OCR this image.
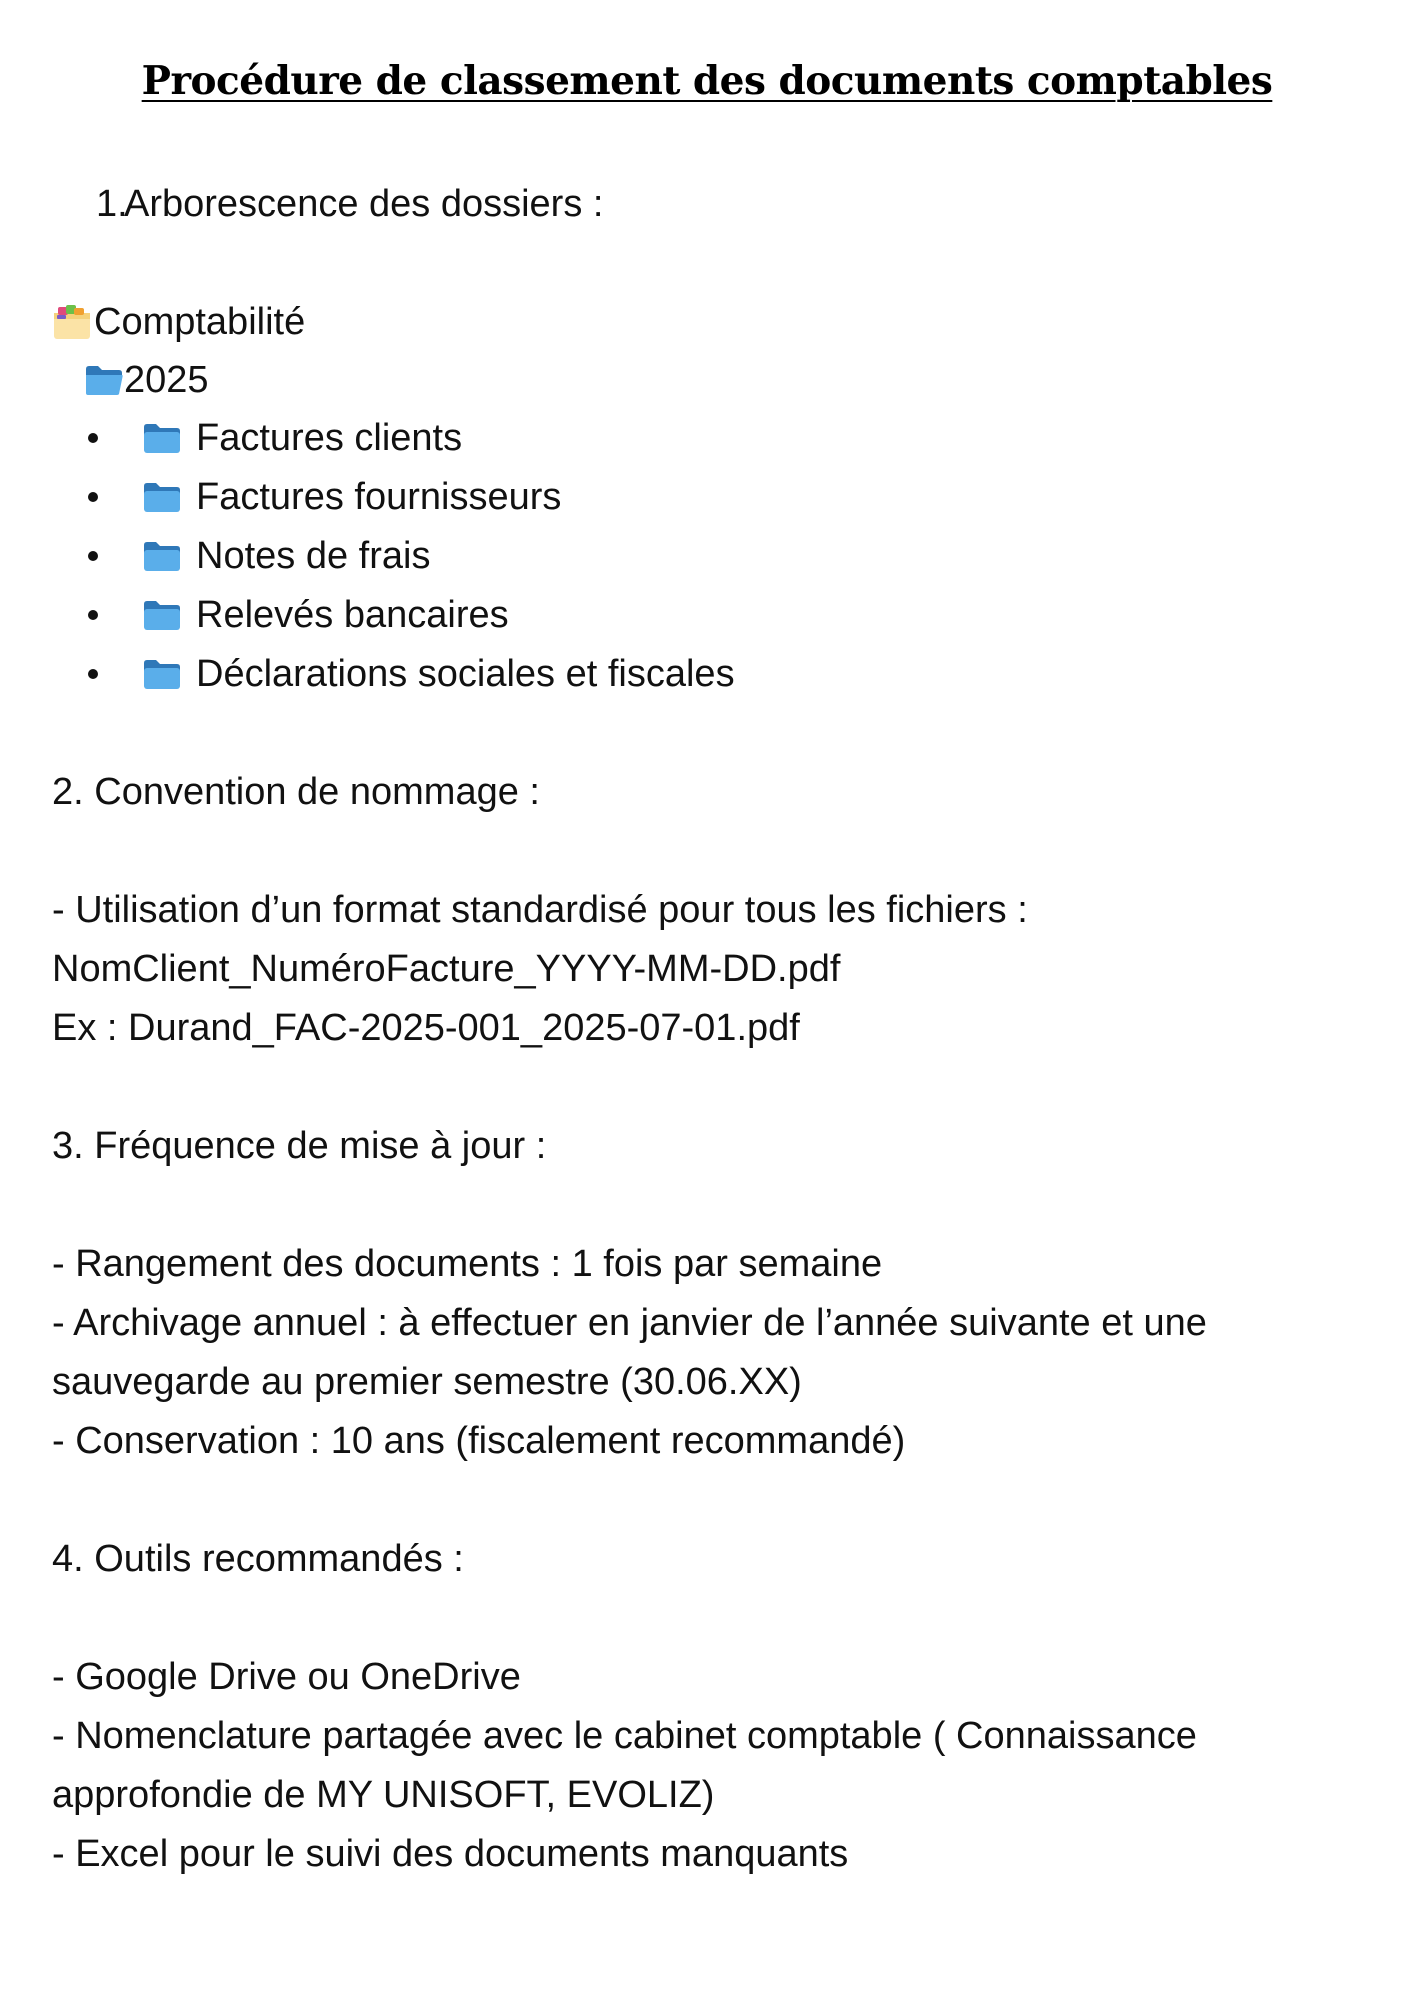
Procédure de classement des documents comptables
1.Arborescence des dossiers :
Comptabilité
2025
Factures clients
Factures fournisseurs
Notes de frais
Relevés bancaires
Déclarations sociales et fiscales
2. Convention de nommage :
- Utilisation d’un format standardisé pour tous les fichiers :
NomClient_NuméroFacture_YYYY-MM-DD.pdf
Ex : Durand_FAC-2025-001_2025-07-01.pdf
3. Fréquence de mise à jour :
- Rangement des documents : 1 fois par semaine
- Archivage annuel : à effectuer en janvier de l’année suivante et une
sauvegarde au premier semestre (30.06.XX)
- Conservation : 10 ans (fiscalement recommandé)
4. Outils recommandés :
- Google Drive ou OneDrive
- Nomenclature partagée avec le cabinet comptable ( Connaissance
approfondie de MY UNISOFT, EVOLIZ)
- Excel pour le suivi des documents manquants
